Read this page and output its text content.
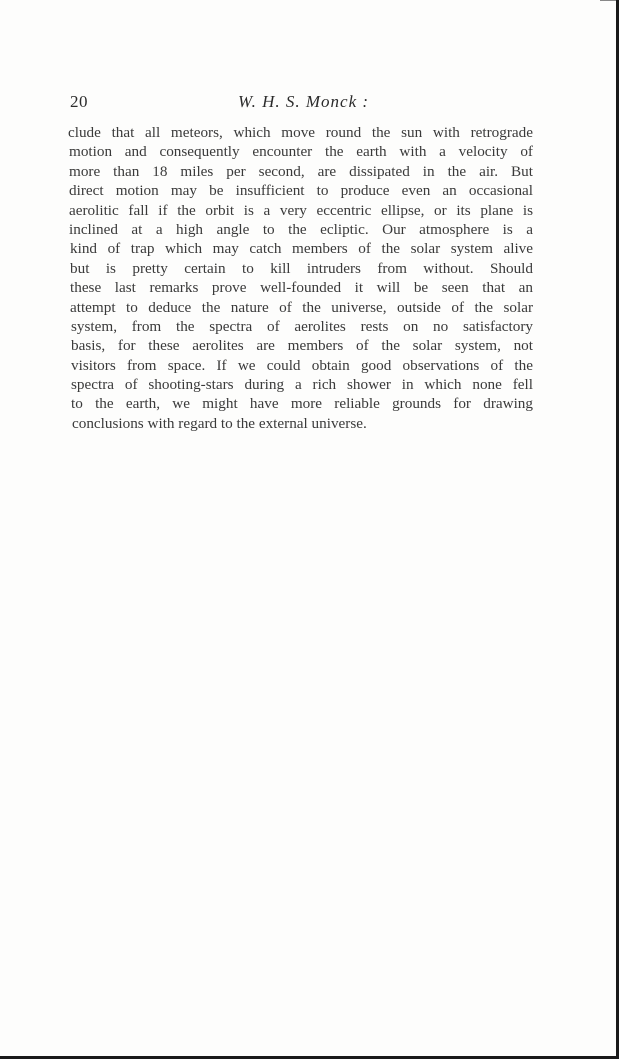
20	W. H. S. Monck :
clude that all meteors, which move round the sun with retrograde
motion and consequently encounter the earth with a velocity of
more than 18 miles per second, are dissipated in the air. But
direct motion may be insufficient to produce even an occasional
aerolitic fall if the orbit is a very eccentric ellipse, or its plane is
inclined at a high angle to the ecliptic. Our atmosphere is a
kind of trap which may catch members of the solar system alive
but is pretty certain to kill intruders from without. Should
these last remarks prove well-founded it will be seen that an
attempt to deduce the nature of the universe, outside of the solar
system, from the spectra of aerolites rests on no satisfactory
basis, for these aerolites are members of the solar system, not
visitors from space. If we could obtain good observations of the
spectra of shooting-stars during a rich shower in which none fell
to the earth, we might have more reliable grounds for drawing
conclusions with regard to the external universe.
